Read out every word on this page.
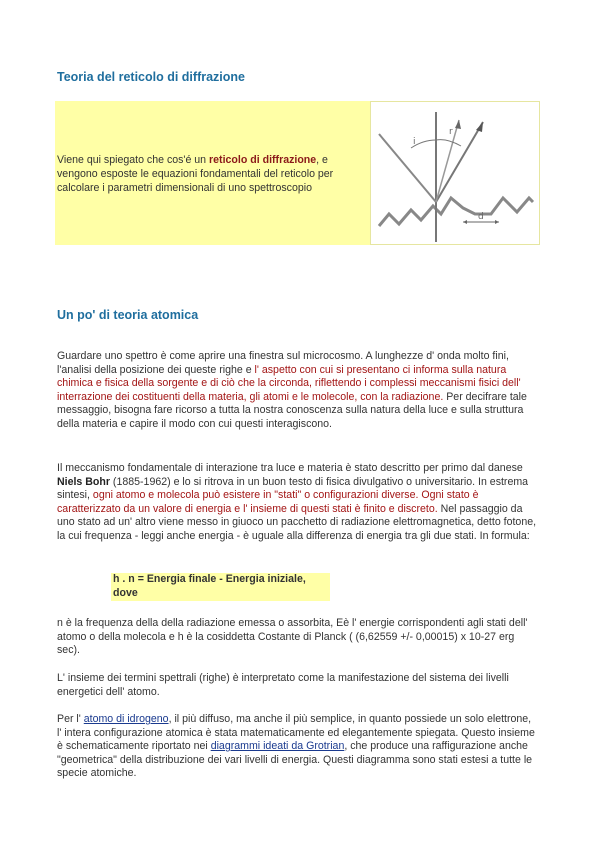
Teoria del reticolo di diffrazione
Viene qui spiegato che cos'é un reticolo di diffrazione, e vengono esposte le equazioni fondamentali del reticolo per calcolare i parametri dimensionali di uno spettroscopio
i
r
d
Un po' di teoria atomica

Guardare uno spettro è come aprire una finestra sul microcosmo. A lunghezze d' onda molto fini, l'analisi della posizione dei queste righe e l' aspetto con cui si presentano ci informa sulla natura chimica e fisica della sorgente e di ciò che la circonda, riflettendo i complessi meccanismi fisici dell' interrazione dei costituenti della materia, gli atomi e le molecole, con la radiazione. Per decifrare tale messaggio, bisogna fare ricorso a tutta la nostra conoscenza sulla natura della luce e sulla struttura della materia e capire il modo con cui questi interagiscono.

Il meccanismo fondamentale di interazione tra luce e materia è stato descritto per primo dal danese Niels Bohr (1885-1962) e lo si ritrova in un buon testo di fisica divulgativo o universitario. In estrema sintesi, ogni atomo e molecola può esistere in "stati" o configurazioni diverse. Ogni stato è caratterizzato da un valore di energia e l' insieme di questi stati è finito e discreto. Nel passaggio da uno stato ad un' altro viene messo in giuoco un pacchetto di radiazione elettromagnetica, detto fotone, la cui frequenza - leggi anche energia - è uguale alla differenza di energia tra gli due stati. In formula:

h . n = Energia finale - Energia iniziale, dove

n è la frequenza della della radiazione emessa o assorbita, Eè l' energie corrispondenti agli stati dell' atomo o della molecola e h è la cosiddetta Costante di Planck ( (6,62559 +/- 0,00015) x 10-27 erg sec).

L' insieme dei termini spettrali (righe) è interpretato come la manifestazione del sistema dei livelli energetici dell' atomo.

Per l' atomo di idrogeno, il più diffuso, ma anche il più semplice, in quanto possiede un solo elettrone, l' intera configurazione atomica è stata matematicamente ed elegantemente spiegata. Questo insieme è schematicamente riportato nei diagrammi ideati da Grotrian, che produce una raffigurazione anche "geometrica" della distribuzione dei vari livelli di energia. Questi diagramma sono stati estesi a tutte le specie atomiche.
